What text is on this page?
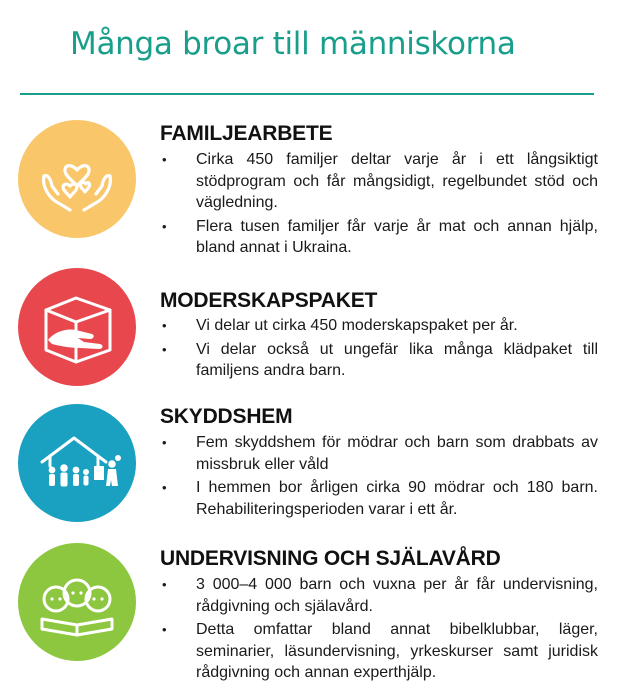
Många broar till människorna
FAMILJEARBETE
• Cirka 450 familjer deltar varje år i ett långsiktigt stödprogram och får mångsidigt, regelbundet stöd och vägledning.
• Flera tusen familjer får varje år mat och annan hjälp, bland annat i Ukraina.
MODERSKAPSPAKET
• Vi delar ut cirka 450 moderskapspaket per år.
• Vi delar också ut ungefär lika många klädpaket till familjens andra barn.
SKYDDSHEM
• Fem skyddshem för mödrar och barn som drabbats av missbruk eller våld
• I hemmen bor årligen cirka 90 mödrar och 180 barn. Rehabiliteringsperioden varar i ett år.
UNDERVISNING OCH SJÄLAVÅRD
• 3 000–4 000 barn och vuxna per år får undervisning, rådgivning och själavård.
• Detta omfattar bland annat bibelklubbar, läger, seminarier, läsundervisning, yrkeskurser samt juridisk rådgivning och annan experthjälp.
